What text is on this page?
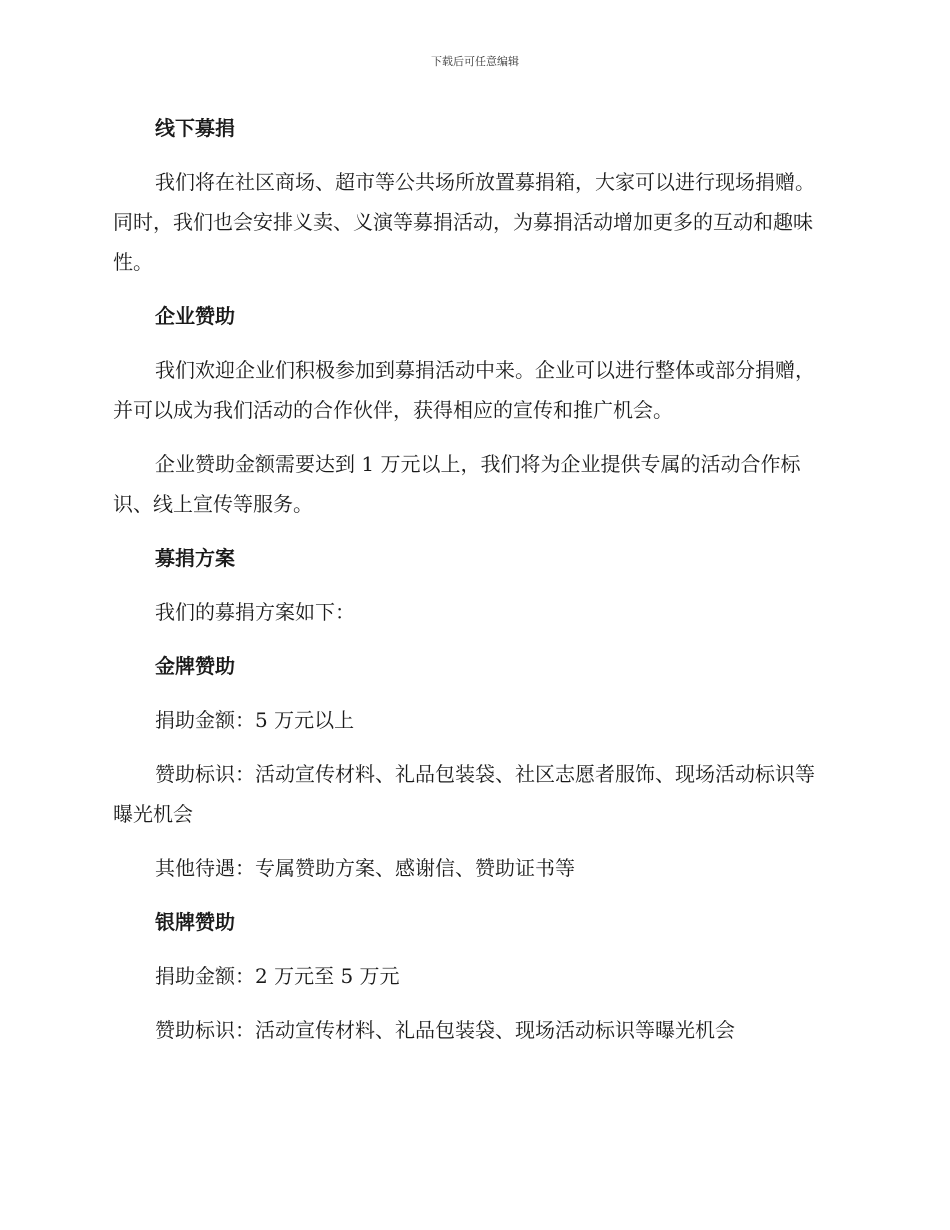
下载后可任意编辑
线下募捐
我们将在社区商场、超市等公共场所放置募捐箱，大家可以进行现场捐赠。同时，我们也会安排义卖、义演等募捐活动，为募捐活动增加更多的互动和趣味性。
企业赞助
我们欢迎企业们积极参加到募捐活动中来。企业可以进行整体或部分捐赠，并可以成为我们活动的合作伙伴，获得相应的宣传和推广机会。
企业赞助金额需要达到 1 万元以上，我们将为企业提供专属的活动合作标识、线上宣传等服务。
募捐方案
我们的募捐方案如下：
金牌赞助
捐助金额：5 万元以上
赞助标识：活动宣传材料、礼品包装袋、社区志愿者服饰、现场活动标识等曝光机会
其他待遇：专属赞助方案、感谢信、赞助证书等
银牌赞助
捐助金额：2 万元至 5 万元
赞助标识：活动宣传材料、礼品包装袋、现场活动标识等曝光机会
